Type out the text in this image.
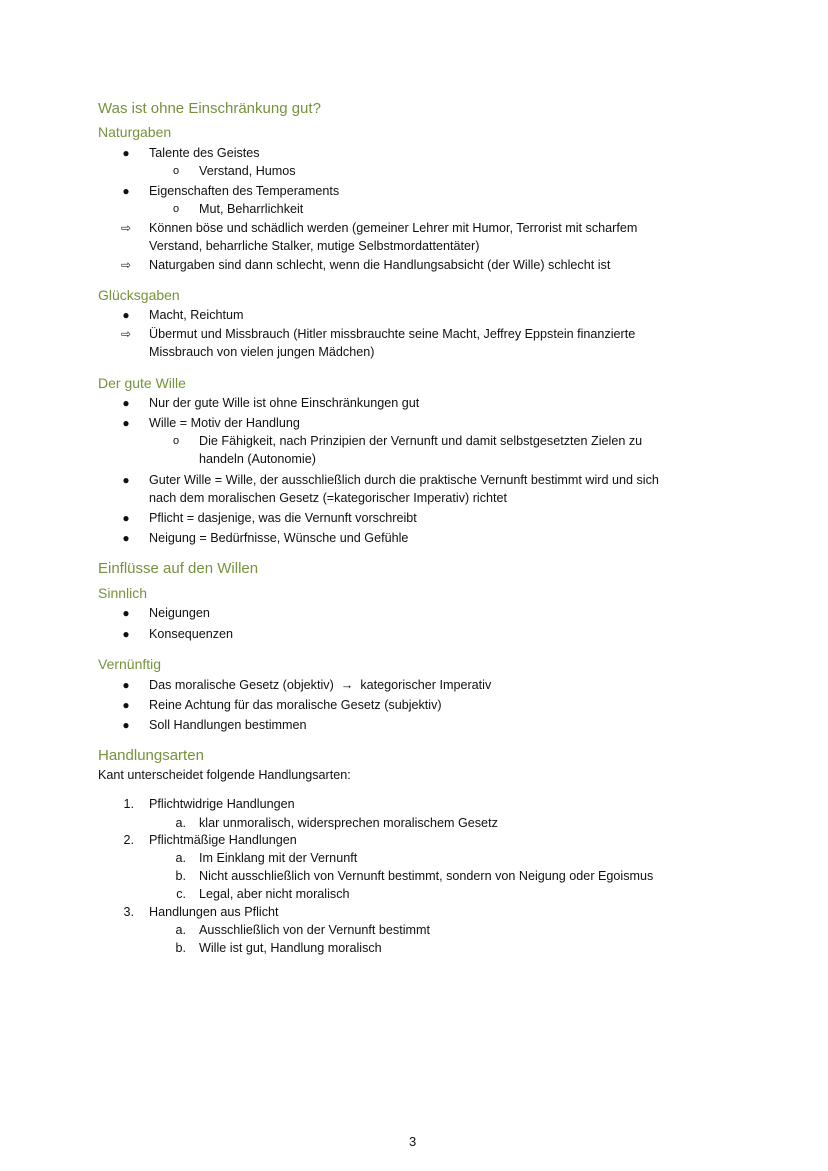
Was ist ohne Einschränkung gut?
Naturgaben
●	Talente des Geistes
o Verstand, Humos
●	Eigenschaften des Temperaments
o Mut, Beharrlichkeit
⇨ Können böse und schädlich werden (gemeiner Lehrer mit Humor, Terrorist mit scharfem
Verstand, beharrliche Stalker, mutige Selbstmordattentäter)
⇨ Naturgaben sind dann schlecht, wenn die Handlungsabsicht (der Wille) schlecht ist
Glücksgaben
●	Macht, Reichtum
⇨ Übermut und Missbrauch (Hitler missbrauchte seine Macht, Jeffrey Eppstein finanzierte
Missbrauch von vielen jungen Mädchen)
Der gute Wille
●	Nur der gute Wille ist ohne Einschränkungen gut
●	Wille = Motiv der Handlung
o Die Fähigkeit, nach Prinzipien der Vernunft und damit selbstgesetzten Zielen zu
handeln (Autonomie)
●	Guter Wille = Wille, der ausschließlich durch die praktische Vernunft bestimmt wird und sich
nach dem moralischen Gesetz (=kategorischer Imperativ) richtet
●	Pflicht = dasjenige, was die Vernunft vorschreibt
●	Neigung = Bedürfnisse, Wünsche und Gefühle
Einflüsse auf den Willen
Sinnlich
●	Neigungen
●	Konsequenzen
Vernünftig
●	Das moralische Gesetz (objektiv)  →  kategorischer Imperativ
●	Reine Achtung für das moralische Gesetz (subjektiv)
●	Soll Handlungen bestimmen
Handlungsarten
Kant unterscheidet folgende Handlungsarten:
1. Pflichtwidrige Handlungen
a. klar unmoralisch, widersprechen moralischem Gesetz
2. Pflichtmäßige Handlungen
a. Im Einklang mit der Vernunft
b. Nicht ausschließlich von Vernunft bestimmt, sondern von Neigung oder Egoismus
c. Legal, aber nicht moralisch
3. Handlungen aus Pflicht
a. Ausschließlich von der Vernunft bestimmt
b. Wille ist gut, Handlung moralisch
3
